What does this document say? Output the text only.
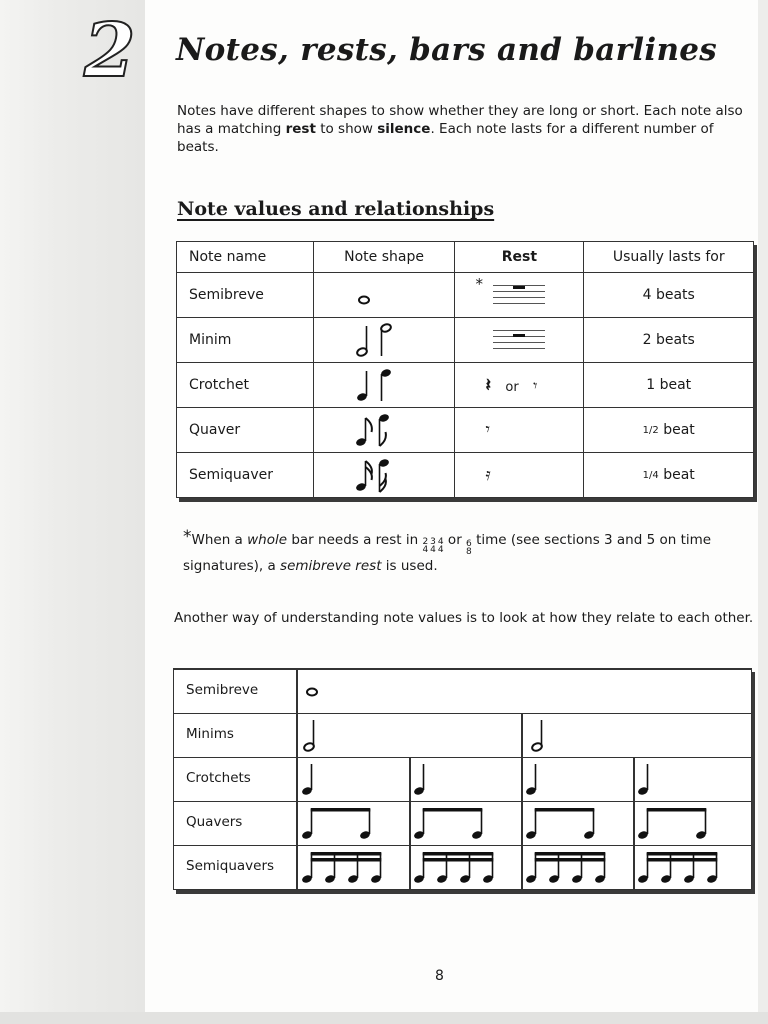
2 Notes, rests, bars and barlines

Notes have different shapes to show whether they are long or short. Each note also has a matching rest to show silence. Each note lasts for a different number of beats.

Note values and relationships
Note name	Note shape	Rest	Usually lasts for
Semibreve		*	4 beats
Minim			2 beats
Crotchet		𝄽 or 𝄾	1 beat
Quaver		𝄾	1/2 beat
Semiquaver		𝄿	1/4 beat

*When a whole bar needs a rest in 2
4
3
4
4
4
or 6
8
time (see sections 3 and 5 on time signatures), a semibreve rest is used.

Another way of understanding note values is to look at how they relate to each other.

Semibreve
Minims
Crotchets
Quavers
Semiquavers
8
